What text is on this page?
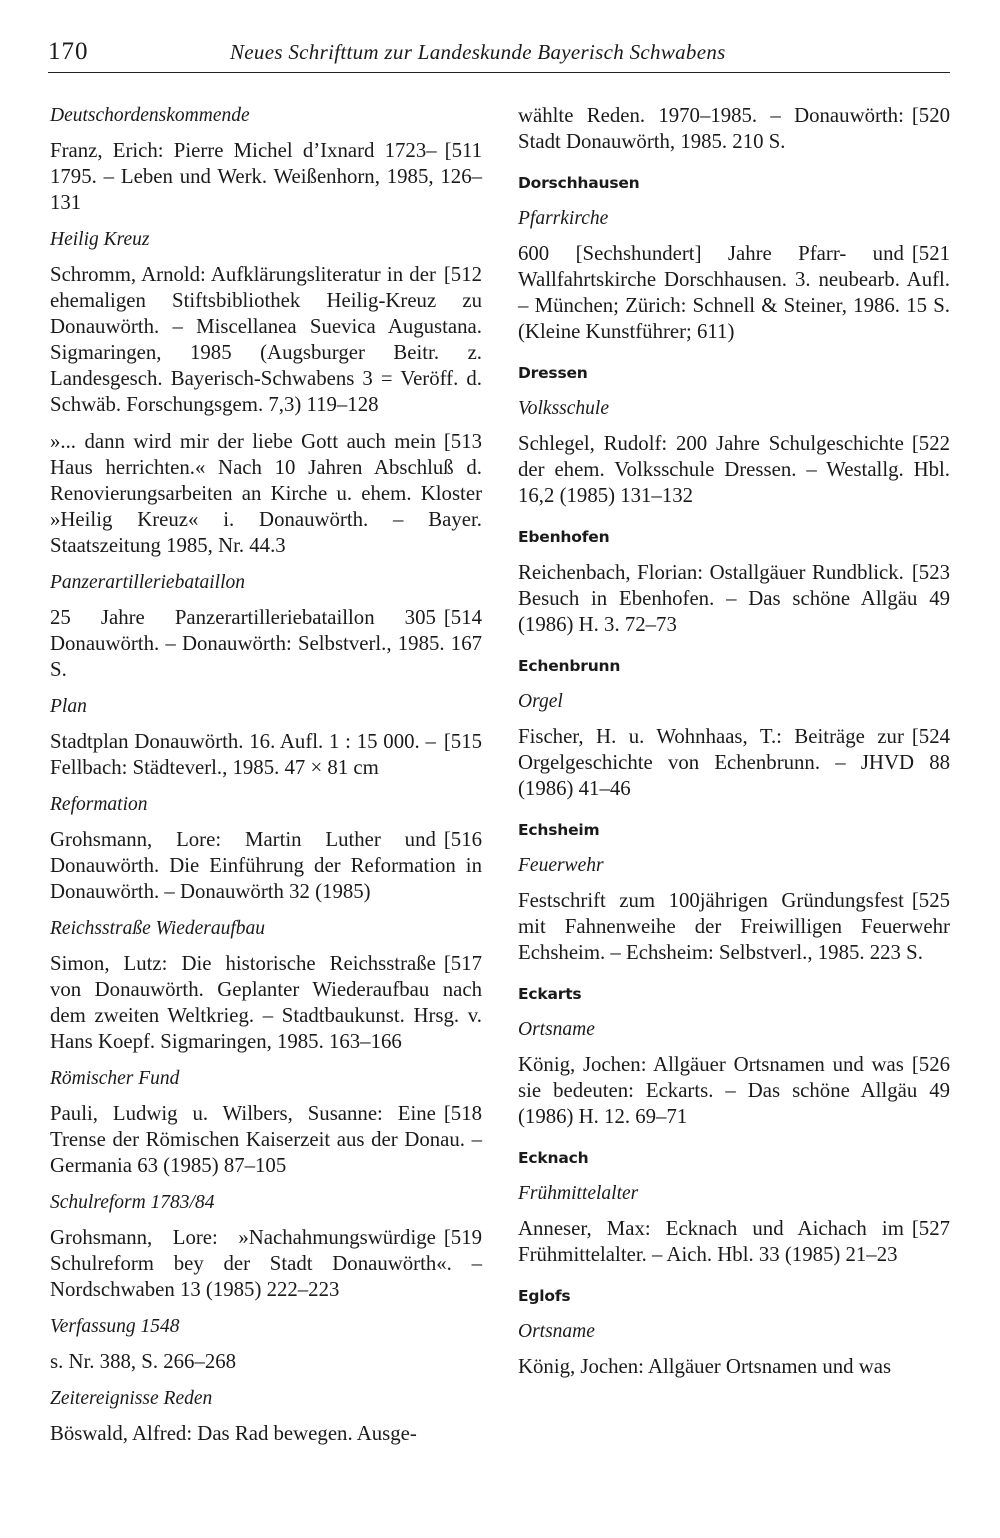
170	Neues Schrifttum zur Landeskunde Bayerisch Schwabens
Deutschordenskommende
[511
Franz, Erich: Pierre Michel d’Ixnard 1723–1795. – Leben und Werk. Weißenhorn, 1985, 126–131
Heilig Kreuz
[512
Schromm, Arnold: Aufklärungsliteratur in der ehemaligen Stiftsbibliothek Heilig-Kreuz zu Donauwörth. – Miscellanea Suevica Augustana. Sigmaringen, 1985 (Augsburger Beitr. z. Landesgesch. Bayerisch-Schwabens 3 = Veröff. d. Schwäb. Forschungsgem. 7,3) 119–128
[513
»... dann wird mir der liebe Gott auch mein Haus herrichten.« Nach 10 Jahren Abschluß d. Renovierungsarbeiten an Kirche u. ehem. Kloster »Heilig Kreuz« i. Donauwörth. – Bayer. Staatszeitung 1985, Nr. 44.3
Panzerartilleriebataillon
[514
25 Jahre Panzerartilleriebataillon 305 Donauwörth. – Donauwörth: Selbstverl., 1985. 167 S.
Plan
[515
Stadtplan Donauwörth. 16. Aufl. 1 : 15 000. – Fellbach: Städteverl., 1985. 47 × 81 cm
Reformation
[516
Grohsmann, Lore: Martin Luther und Donauwörth. Die Einführung der Reformation in Donauwörth. – Donauwörth 32 (1985)
Reichsstraße Wiederaufbau
[517
Simon, Lutz: Die historische Reichsstraße von Donauwörth. Geplanter Wiederaufbau nach dem zweiten Weltkrieg. – Stadtbaukunst. Hrsg. v. Hans Koepf. Sigmaringen, 1985. 163–166
Römischer Fund
[518
Pauli, Ludwig u. Wilbers, Susanne: Eine Trense der Römischen Kaiserzeit aus der Donau. – Germania 63 (1985) 87–105
Schulreform 1783/84
[519
Grohsmann, Lore: »Nachahmungswürdige Schulreform bey der Stadt Donauwörth«. – Nordschwaben 13 (1985) 222–223
Verfassung 1548
s. Nr. 388, S. 266–268
Zeitereignisse Reden
Böswald, Alfred: Das Rad bewegen. Ausge-
[520
wählte Reden. 1970–1985. – Donauwörth: Stadt Donauwörth, 1985. 210 S.
Dorschhausen
Pfarrkirche
[521
600 [Sechshundert] Jahre Pfarr- und Wallfahrtskirche Dorschhausen. 3. neubearb. Aufl. – München; Zürich: Schnell & Steiner, 1986. 15 S. (Kleine Kunstführer; 611)
Dressen
Volksschule
[522
Schlegel, Rudolf: 200 Jahre Schulgeschichte der ehem. Volksschule Dressen. – Westallg. Hbl. 16,2 (1985) 131–132
Ebenhofen
[523
Reichenbach, Florian: Ostallgäuer Rundblick. Besuch in Ebenhofen. – Das schöne Allgäu 49 (1986) H. 3. 72–73
Echenbrunn
Orgel
[524
Fischer, H. u. Wohnhaas, T.: Beiträge zur Orgelgeschichte von Echenbrunn. – JHVD 88 (1986) 41–46
Echsheim
Feuerwehr
[525
Festschrift zum 100jährigen Gründungsfest mit Fahnenweihe der Freiwilligen Feuerwehr Echsheim. – Echsheim: Selbstverl., 1985. 223 S.
Eckarts
Ortsname
[526
König, Jochen: Allgäuer Ortsnamen und was sie bedeuten: Eckarts. – Das schöne Allgäu 49 (1986) H. 12. 69–71
Ecknach
Frühmittelalter
[527
Anneser, Max: Ecknach und Aichach im Frühmittelalter. – Aich. Hbl. 33 (1985) 21–23
Eglofs
Ortsname
König, Jochen: Allgäuer Ortsnamen und was
